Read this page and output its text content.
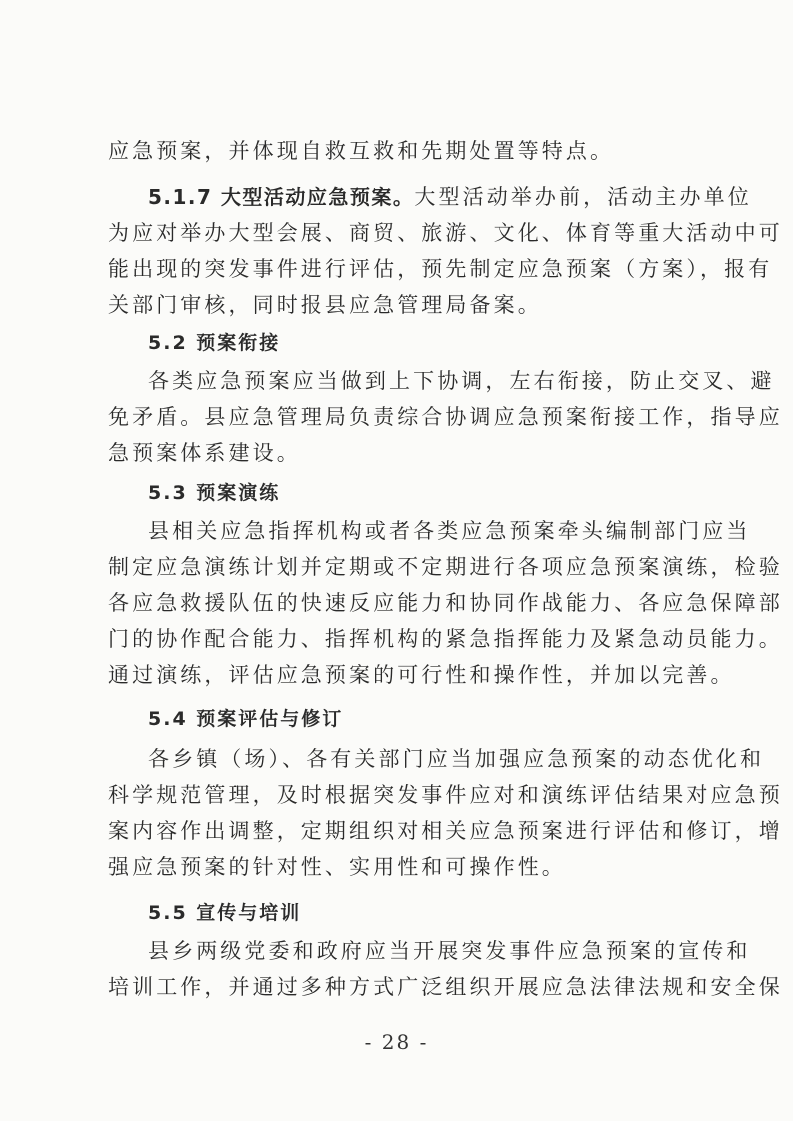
应急预案，并体现自救互救和先期处置等特点。
5.1.7 大型活动应急预案。大型活动举办前，活动主办单位
为应对举办大型会展、商贸、旅游、文化、体育等重大活动中可
能出现的突发事件进行评估，预先制定应急预案（方案），报有
关部门审核，同时报县应急管理局备案。
5.2 预案衔接
各类应急预案应当做到上下协调，左右衔接，防止交叉、避
免矛盾。县应急管理局负责综合协调应急预案衔接工作，指导应
急预案体系建设。
5.3 预案演练
县相关应急指挥机构或者各类应急预案牵头编制部门应当
制定应急演练计划并定期或不定期进行各项应急预案演练，检验
各应急救援队伍的快速反应能力和协同作战能力、各应急保障部
门的协作配合能力、指挥机构的紧急指挥能力及紧急动员能力。
通过演练，评估应急预案的可行性和操作性，并加以完善。
5.4 预案评估与修订
各乡镇（场）、各有关部门应当加强应急预案的动态优化和
科学规范管理，及时根据突发事件应对和演练评估结果对应急预
案内容作出调整，定期组织对相关应急预案进行评估和修订，增
强应急预案的针对性、实用性和可操作性。
5.5 宣传与培训
县乡两级党委和政府应当开展突发事件应急预案的宣传和
培训工作，并通过多种方式广泛组织开展应急法律法规和安全保
- 28 -
